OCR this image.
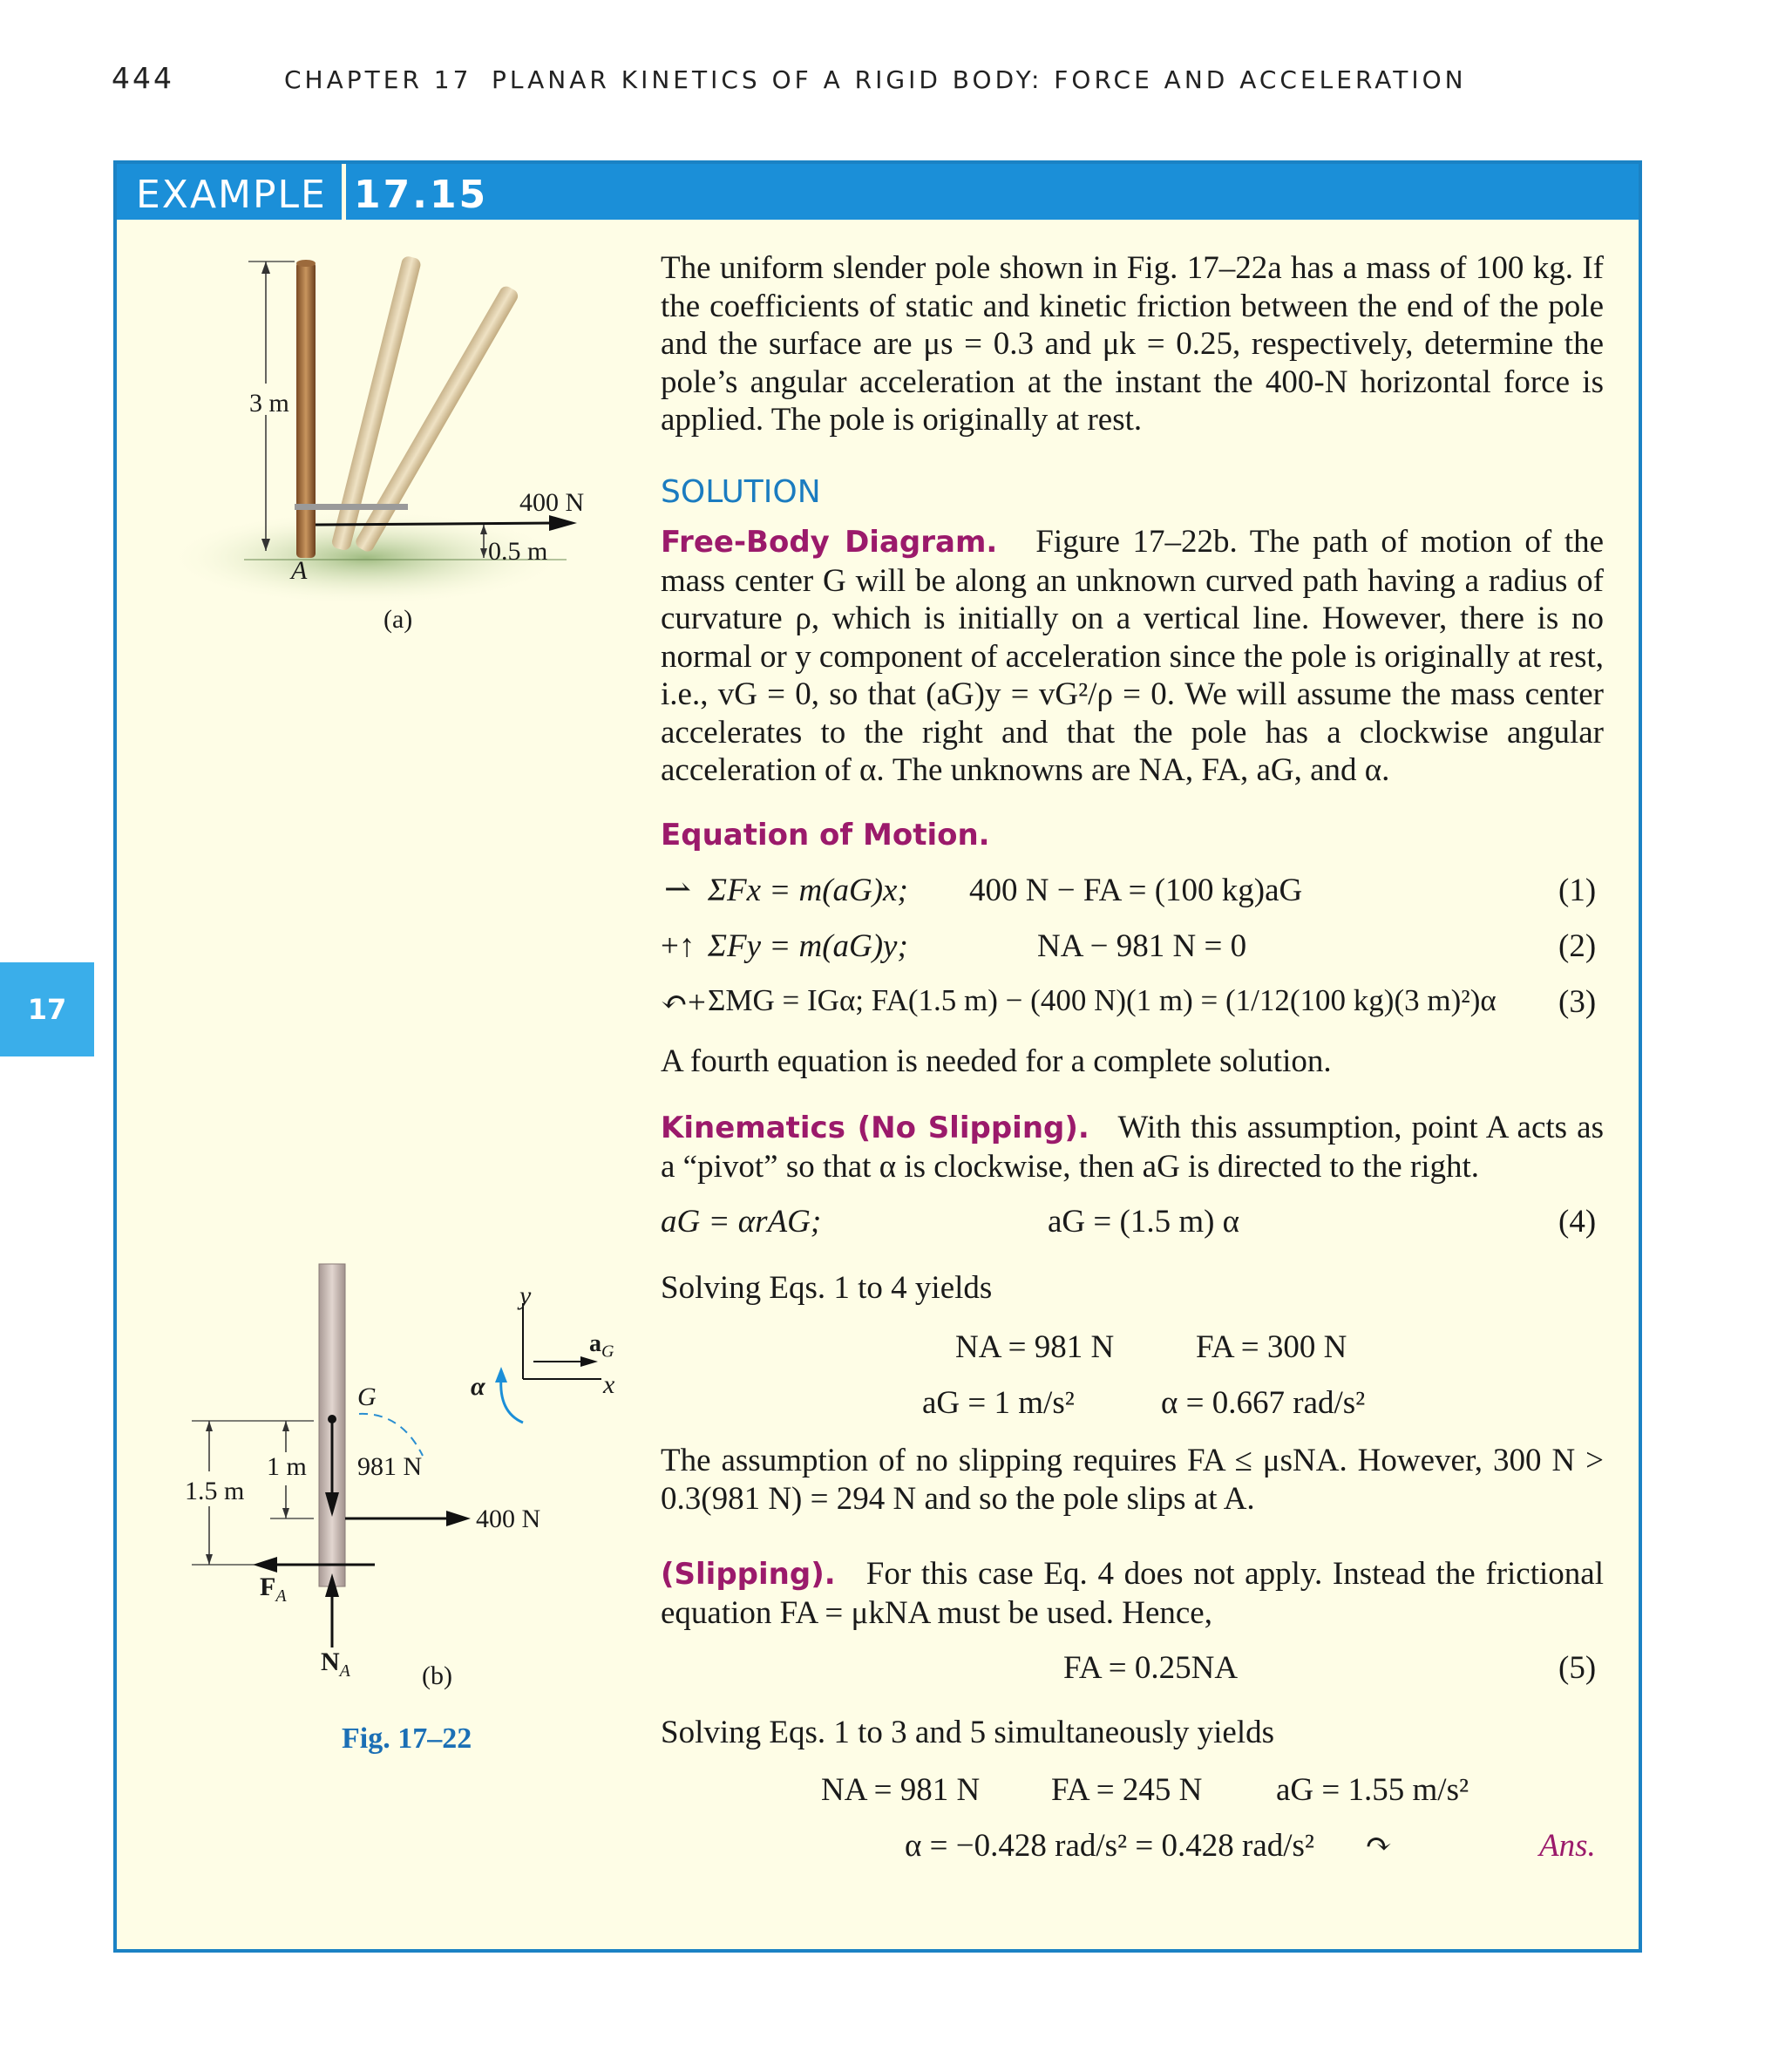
444	CHAPTER 17 PLANAR KINETICS OF A RIGID BODY: FORCE AND ACCELERATION
17
EXAMPLE 17.15
3 m
400 N
0.5 m
A
(a)
y
$a_G$
x
α
G
981 N
1 m
1.5 m
400 N
$F_A$
$N_A$	(b)
Fig. 17–22
The uniform slender pole shown in Fig. 17–22a has a mass of 100 kg. If the coefficients of static and kinetic friction between the end of the pole and the surface are μs = 0.3 and μk = 0.25, respectively, determine the pole’s angular acceleration at the instant the 400-N horizontal force is applied. The pole is originally at rest.
SOLUTION
Free-Body Diagram. Figure 17–22b. The path of motion of the mass center G will be along an unknown curved path having a radius of curvature ρ, which is initially on a vertical line. However, there is no normal or y component of acceleration since the pole is originally at rest, i.e., vG = 0, so that (aG)y = vG²/ρ = 0. We will assume the mass center accelerates to the right and that the pole has a clockwise angular acceleration of α. The unknowns are NA, FA, aG, and α.
Equation of Motion.
⇀ ΣFx = m(aG)x; 400 N − FA = (100 kg)aG	(1)
+↑ ΣFy = m(aG)y;	NA − 981 N = 0	(2)
↶+ ΣMG = IGα; FA(1.5 m) − (400 N)(1 m) = (1/12(100 kg)(3 m)²)α (3)
A fourth equation is needed for a complete solution.
Kinematics (No Slipping). With this assumption, point A acts as a “pivot” so that α is clockwise, then aG is directed to the right.
aG = αrAG;	aG = (1.5 m) α	(4)
Solving Eqs. 1 to 4 yields
NA = 981 N	FA = 300 N
aG = 1 m/s²	α = 0.667 rad/s²
The assumption of no slipping requires FA ≤ μsNA. However, 300 N > 0.3(981 N) = 294 N and so the pole slips at A.
(Slipping). For this case Eq. 4 does not apply. Instead the frictional equation FA = μkNA must be used. Hence,
FA = 0.25NA	(5)
Solving Eqs. 1 to 3 and 5 simultaneously yields
NA = 981 N FA = 245 N aG = 1.55 m/s²
α = −0.428 rad/s² = 0.428 rad/s² ↷	Ans.
